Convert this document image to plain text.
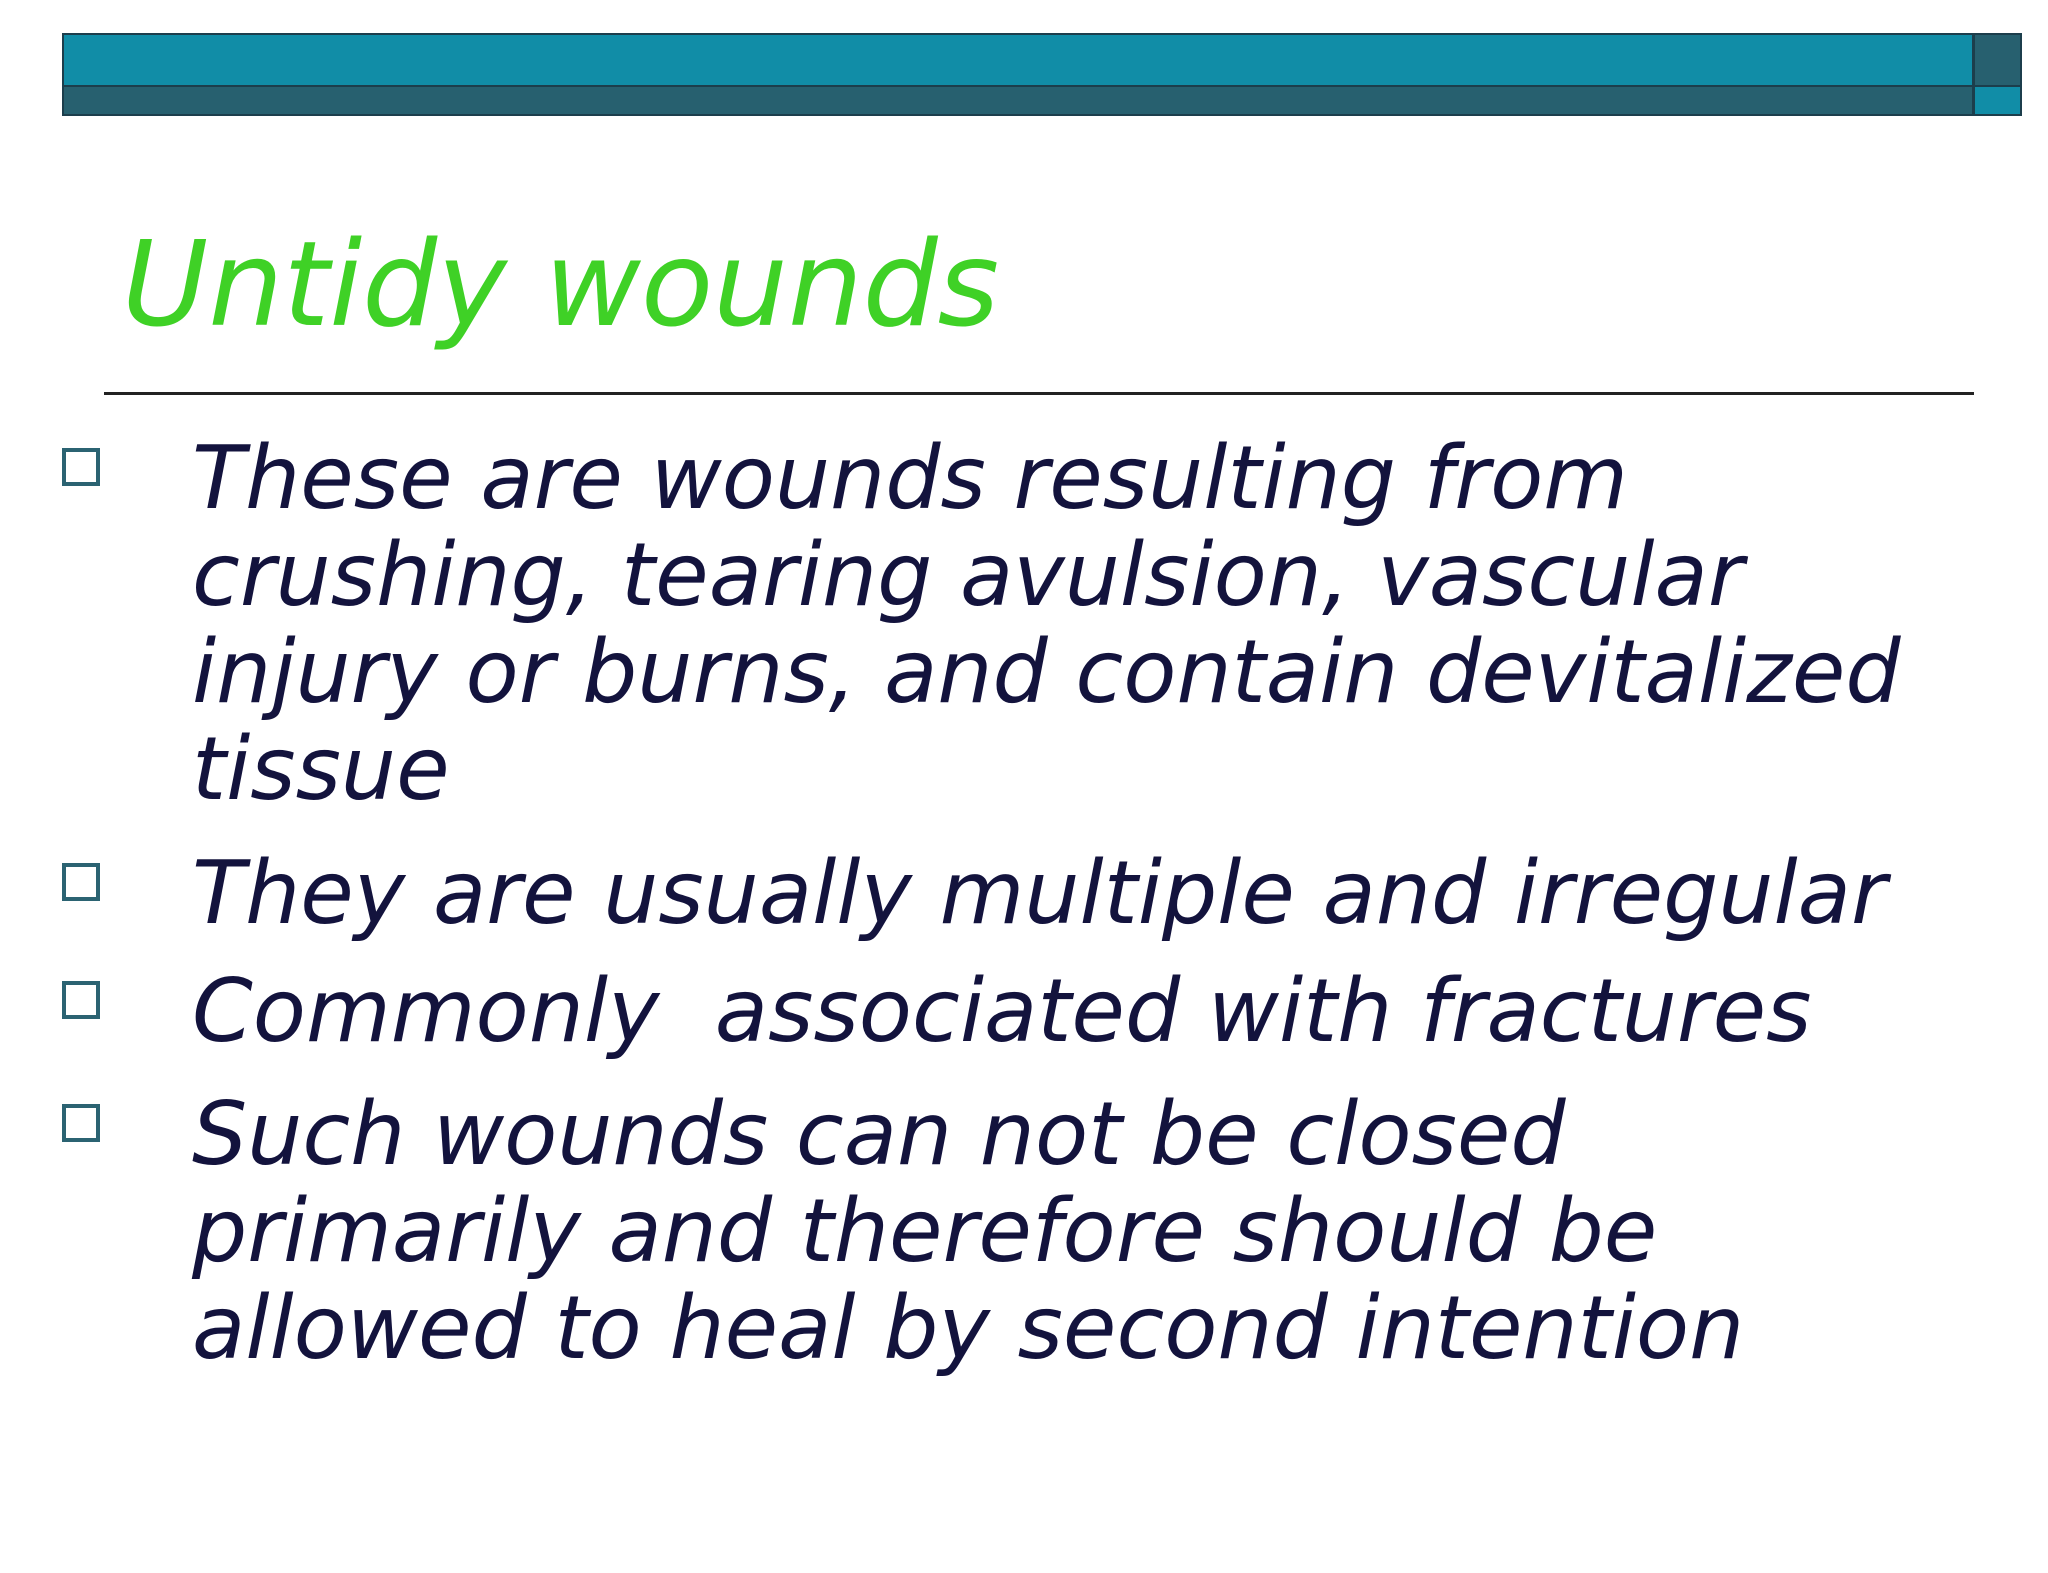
Untidy wounds

These are wounds resulting from

crushing, tearing avulsion, vascular

injury or burns, and contain devitalized

tissue

They are usually multiple and irregular

Commonly  associated with fractures

Such wounds can not be closed

primarily and therefore should be

allowed to heal by second intention
